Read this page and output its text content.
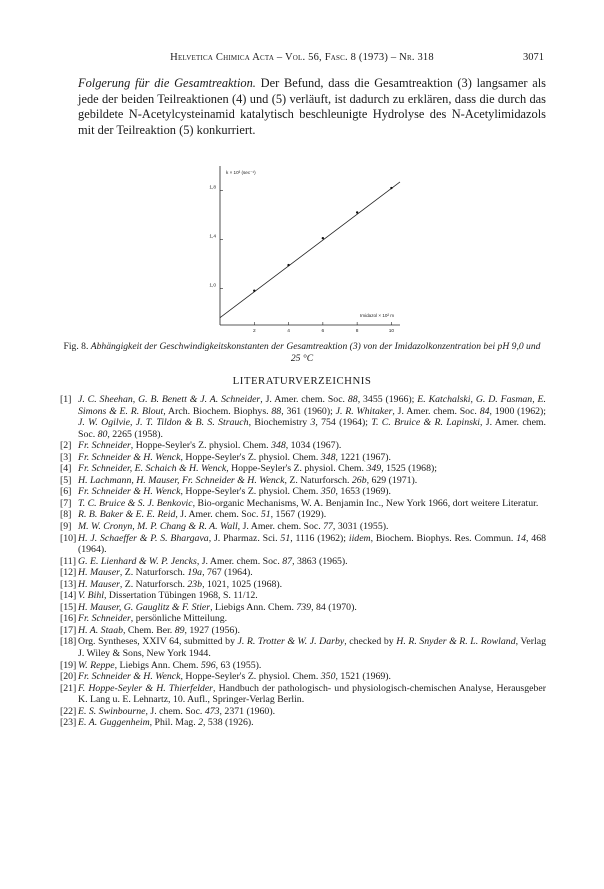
Helvetica Chimica Acta – Vol. 56, Fasc. 8 (1973) – Nr. 318	3071

Folgerung für die Gesamtreaktion. Der Befund, dass die Gesamtreaktion (3) langsamer als jede der beiden Teilreaktionen (4) und (5) verläuft, ist dadurch zu erklären, dass die durch das gebildete N-Acetylcysteinamid katalytisch beschleunigte Hydrolyse des N-Acetylimidazols mit der Teilreaktion (5) konkurriert.

2	4	6	8	10
1,0
1,4
1,8
k × 10³ (sec⁻¹)
Imidazol × 10² m
Fig. 8. Abhängigkeit der Geschwindigkeitskonstanten der Gesamtreaktion (3) von der Imidazolkonzentration bei pH 9,0 und 25 °C
LITERATURVERZEICHNIS
[1] J. C. Sheehan, G. B. Benett & J. A. Schneider, J. Amer. chem. Soc. 88, 3455 (1966); E. Katchalski, G. D. Fasman, E. Simons & E. R. Blout, Arch. Biochem. Biophys. 88, 361 (1960); J. R. Whitaker, J. Amer. chem. Soc. 84, 1900 (1962); J. W. Ogilvie, J. T. Tildon & B. S. Strauch, Biochemistry 3, 754 (1964); T. C. Bruice & R. Lapinski, J. Amer. chem. Soc. 80, 2265 (1958).
[2] Fr. Schneider, Hoppe-Seyler's Z. physiol. Chem. 348, 1034 (1967).
[3] Fr. Schneider & H. Wenck, Hoppe-Seyler's Z. physiol. Chem. 348, 1221 (1967).
[4] Fr. Schneider, E. Schaich & H. Wenck, Hoppe-Seyler's Z. physiol. Chem. 349, 1525 (1968);
[5] H. Lachmann, H. Mauser, Fr. Schneider & H. Wenck, Z. Naturforsch. 26b, 629 (1971).
[6] Fr. Schneider & H. Wenck, Hoppe-Seyler's Z. physiol. Chem. 350, 1653 (1969).
[7] T. C. Bruice & S. J. Benkovic, Bio-organic Mechanisms, W. A. Benjamin Inc., New York 1966, dort weitere Literatur.
[8] R. B. Baker & E. E. Reid, J. Amer. chem. Soc. 51, 1567 (1929).
[9] M. W. Cronyn, M. P. Chang & R. A. Wall, J. Amer. chem. Soc. 77, 3031 (1955).
[10] H. J. Schaeffer & P. S. Bhargava, J. Pharmaz. Sci. 51, 1116 (1962); iidem, Biochem. Biophys. Res. Commun. 14, 468 (1964).
[11] G. E. Lienhard & W. P. Jencks, J. Amer. chem. Soc. 87, 3863 (1965).
[12] H. Mauser, Z. Naturforsch. 19a, 767 (1964).
[13] H. Mauser, Z. Naturforsch. 23b, 1021, 1025 (1968).
[14] V. Bihl, Dissertation Tübingen 1968, S. 11/12.
[15] H. Mauser, G. Gauglitz & F. Stier, Liebigs Ann. Chem. 739, 84 (1970).
[16] Fr. Schneider, persönliche Mitteilung.
[17] H. A. Staab, Chem. Ber. 89, 1927 (1956).
[18] Org. Syntheses, XXIV 64, submitted by J. R. Trotter & W. J. Darby, checked by H. R. Snyder & R. L. Rowland, Verlag J. Wiley & Sons, New York 1944.
[19] W. Reppe, Liebigs Ann. Chem. 596, 63 (1955).
[20] Fr. Schneider & H. Wenck, Hoppe-Seyler's Z. physiol. Chem. 350, 1521 (1969).
[21] F. Hoppe-Seyler & H. Thierfelder, Handbuch der pathologisch- und physiologisch-chemischen Analyse, Herausgeber K. Lang u. E. Lehnartz, 10. Aufl., Springer-Verlag Berlin.
[22] E. S. Swinbourne, J. chem. Soc. 473, 2371 (1960).
[23] E. A. Guggenheim, Phil. Mag. 2, 538 (1926).
